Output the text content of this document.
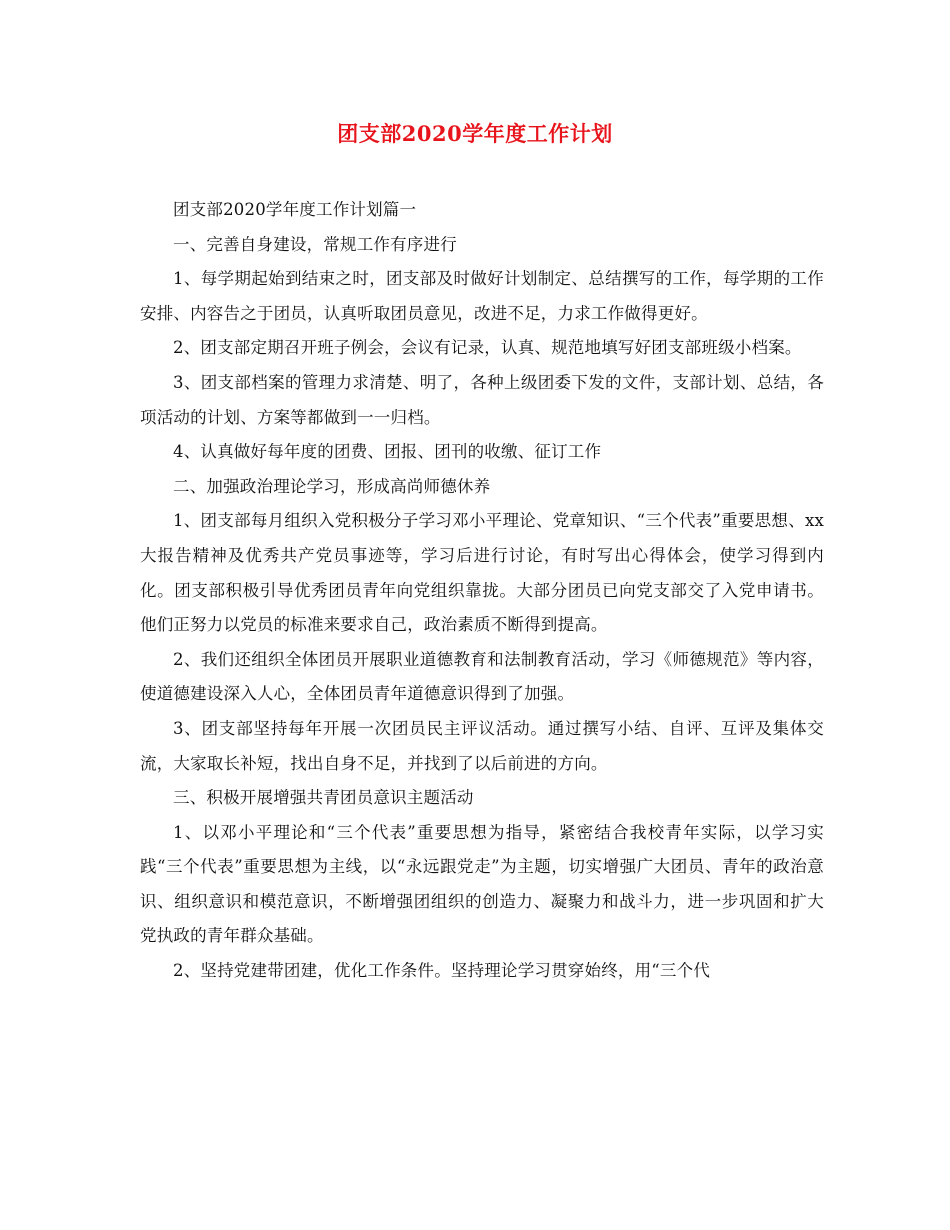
团支部2020学年度工作计划

团支部2020学年度工作计划篇一

一、完善自身建设，常规工作有序进行

1、每学期起始到结束之时，团支部及时做好计划制定、总结撰写的工作，每学期的工作安排、内容告之于团员，认真听取团员意见，改进不足，力求工作做得更好。

2、团支部定期召开班子例会，会议有记录，认真、规范地填写好团支部班级小档案。

3、团支部档案的管理力求清楚、明了，各种上级团委下发的文件，支部计划、总结，各项活动的计划、方案等都做到一一归档。

4、认真做好每年度的团费、团报、团刊的收缴、征订工作

二、加强政治理论学习，形成高尚师德休养

1、团支部每月组织入党积极分子学习邓小平理论、党章知识、“三个代表”重要思想、xx大报告精神及优秀共产党员事迹等，学习后进行讨论，有时写出心得体会，使学习得到内化。团支部积极引导优秀团员青年向党组织靠拢。大部分团员已向党支部交了入党申请书。他们正努力以党员的标准来要求自己，政治素质不断得到提高。

2、我们还组织全体团员开展职业道德教育和法制教育活动，学习《师德规范》等内容，使道德建设深入人心，全体团员青年道德意识得到了加强。

3、团支部坚持每年开展一次团员民主评议活动。通过撰写小结、自评、互评及集体交流，大家取长补短，找出自身不足，并找到了以后前进的方向。

三、积极开展增强共青团员意识主题活动

1、以邓小平理论和“三个代表”重要思想为指导，紧密结合我校青年实际，以学习实践“三个代表”重要思想为主线，以“永远跟党走”为主题，切实增强广大团员、青年的政治意识、组织意识和模范意识，不断增强团组织的创造力、凝聚力和战斗力，进一步巩固和扩大党执政的青年群众基础。

2、坚持党建带团建，优化工作条件。坚持理论学习贯穿始终，用“三个代
